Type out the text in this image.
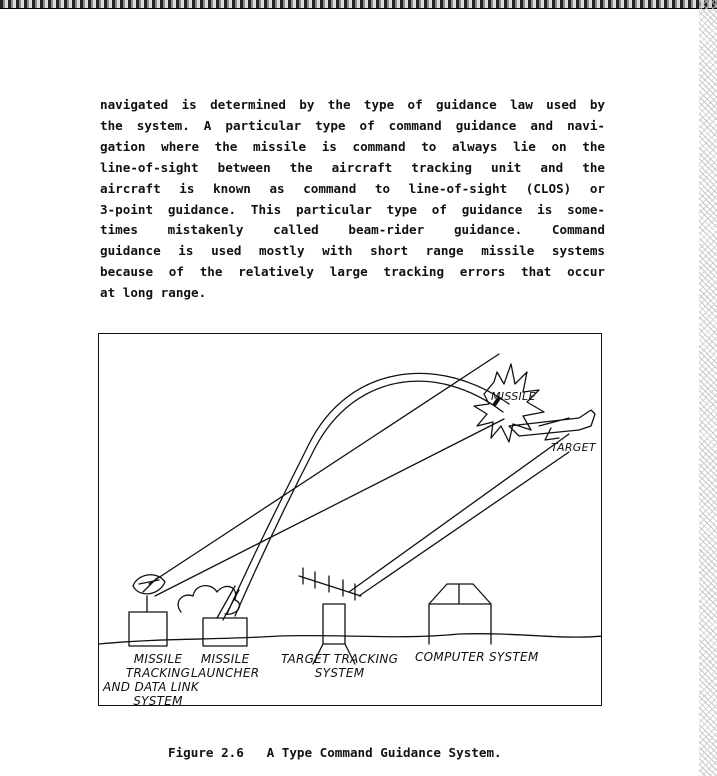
navigated is determined by the type of guidance law used by
the system. A particular type of command guidance and navi-
gation where the missile is command to always lie on the
line-of-sight between the aircraft tracking unit and the
aircraft is known as command to line-of-sight (CLOS) or
3-point guidance. This particular type of guidance is some-
times mistakenly called beam-rider guidance. Command
guidance is used mostly with short range missile systems
because of the relatively large tracking errors that occur
at long range.
MISSILE
TARGET
MISSILE
TRACKING
AND DATA LINK
SYSTEM
MISSILE
LAUNCHER
TARGET TRACKING
SYSTEM
COMPUTER SYSTEM
Figure 2.6   A Type Command Guidance System.
